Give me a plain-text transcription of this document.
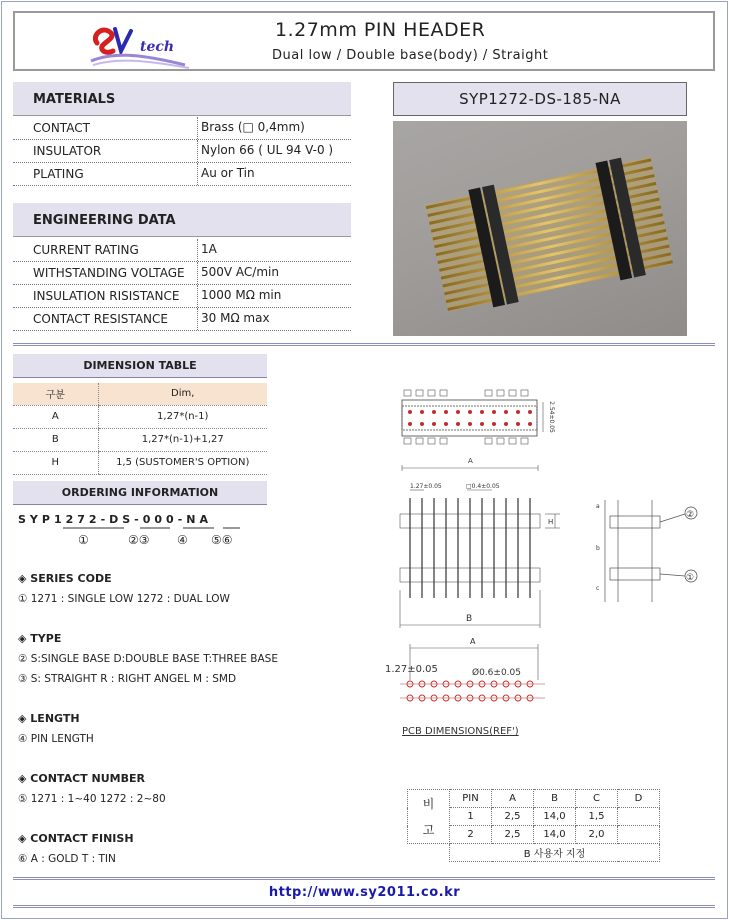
tech
1.27mm PIN HEADER
Dual low / Double base(body) / Straight
MATERIALS
CONTACT	Brass (□ 0,4mm)
INSULATOR	Nylon 66 ( UL 94 V-0 )
PLATING	Au or Tin
ENGINEERING DATA
CURRENT RATING	1A
WITHSTANDING VOLTAGE	500V AC/min
INSULATION RISISTANCE	1000 MΩ min
CONTACT RESISTANCE	30 MΩ max
SYP1272-DS-185-NA
DIMENSION TABLE
구분	Dim,
A	1,27*(n-1)
B	1,27*(n-1)+1,27
H	1,5 (SUSTOMER'S OPTION)
ORDERING INFORMATION
SYP1272-DS-000-NA
①	②③ ④ ⑤⑥
◈ SERIES CODE
① 1271 : SINGLE LOW 1272 : DUAL LOW
◈ TYPE
② S:SINGLE BASE D:DOUBLE BASE T:THREE BASE
③ S: STRAIGHT R : RIGHT ANGEL M : SMD
◈ LENGTH
④ PIN LENGTH
◈ CONTACT NUMBER
⑤ 1271 : 1~40 1272 : 2~80
◈ CONTACT FINISH
⑥ A : GOLD T : TIN
2.54±0.05
A
1.27±0.05	□0.4±0.05
H
B
②
①
a
b
c
A
1.27±0.05	Ø0.6±0.05
PCB DIMENSIONS(REF')
비
고	PIN	A	B	C	D
	1	2,5	14,0	1,5	
	2	2,5	14,0	2,0	
	B 사용자 지정				
http://www.sy2011.co.kr
